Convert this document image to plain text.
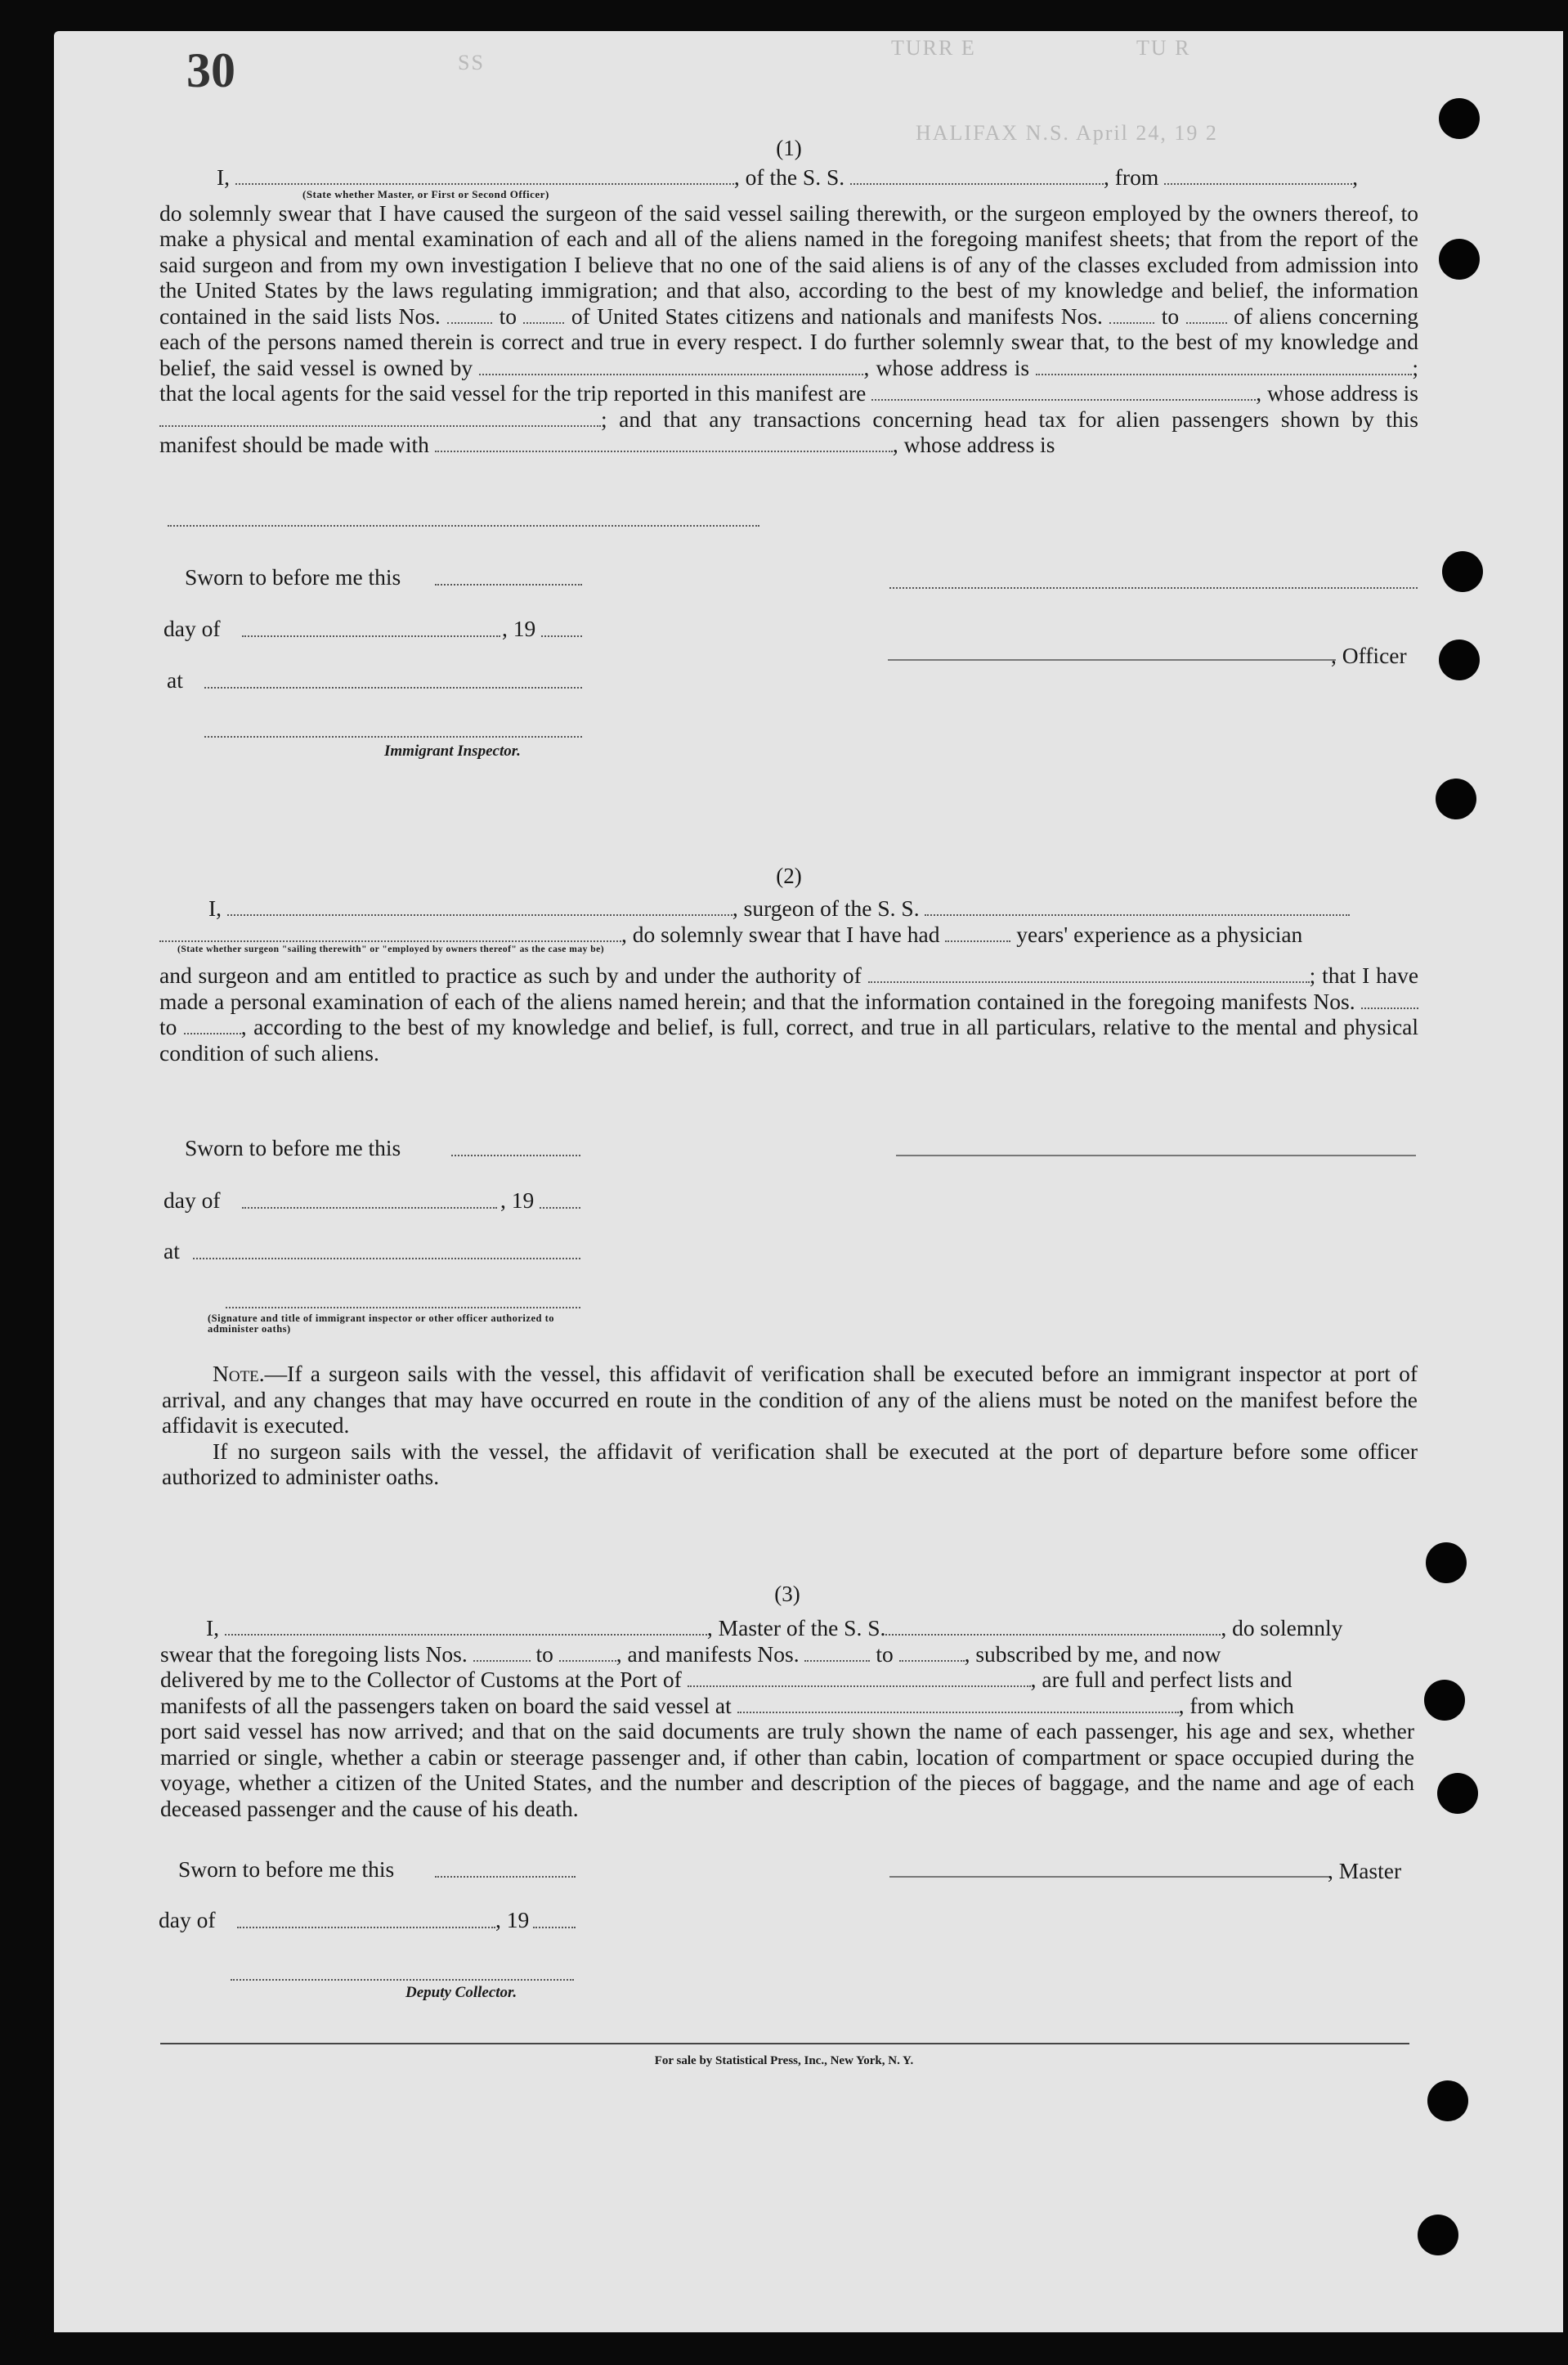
TU R
SS
TURR E
HALIFAX N.S. April 24, 19 2
30
(1)

I,	, of the S. S.	, from	,

(State whether Master, or First or Second Officer)

do solemnly swear that I have caused the surgeon of the said vessel sailing therewith, or the surgeon employed by the owners thereof, to make a physical and mental examination of each and all of the aliens named in the foregoing manifest sheets; that from the report of the said surgeon and from my own investigation I believe that no one of the said aliens is of any of the classes excluded from admission into the United States by the laws regulating immigration; and that also, according to the best of my knowledge and belief, the information contained in the said lists Nos.	to of United States citizens and nationals and manifests Nos.	to of aliens concerning each of the persons named therein is correct and true in every respect. I do further solemnly swear that, to the best of my knowledge and belief, the said vessel is owned by	, whose address is	; that the local agents for the said vessel for the trip reported in this manifest are	, whose address is ; and that any transactions concerning head tax for alien passengers shown by this manifest should be made with	, whose address is

Sworn to before me this
day of	, 19
, Officer
at
Immigrant Inspector.
(2)

I,	, surgeon of the S. S.

, do solemnly swear that I have had	years' experience as a physician

(State whether surgeon "sailing therewith" or "employed by owners thereof" as the case may be)

and surgeon and am entitled to practice as such by and under the authority of	; that I have made a personal examination of each of the aliens named herein; and that the information contained in the foregoing manifests Nos.  to	, according to the best of my knowledge and belief, is full, correct, and true in all particulars, relative to the mental and physical condition of such aliens.

Sworn to before me this
day of	, 19
at
(Signature and title of immigrant inspector or other officer authorized to administer oaths)

Note.—If a surgeon sails with the vessel, this affidavit of verification shall be executed before an immigrant inspector at port of arrival, and any changes that may have occurred en route in the condition of any of the aliens must be noted on the manifest before the affidavit is executed.

If no surgeon sails with the vessel, the affidavit of verification shall be executed at the port of departure before some officer authorized to administer oaths.

(3)

I,	, Master of the S. S.	, do solemnly

swear that the foregoing lists Nos.	to	, and manifests Nos.	to	, subscribed by me, and now

delivered by me to the Collector of Customs at the Port of	, are full and perfect lists and

manifests of all the passengers taken on board the said vessel at	, from which

port said vessel has now arrived; and that on the said documents are truly shown the name of each passenger, his age and sex, whether married or single, whether a cabin or steerage passenger and, if other than cabin, location of compartment or space occupied during the voyage, whether a citizen of the United States, and the number and description of the pieces of baggage, and the name and age of each deceased passenger and the cause of his death.

Sworn to before me this	, Master
day of	, 19
Deputy Collector.
For sale by Statistical Press, Inc., New York, N. Y.
